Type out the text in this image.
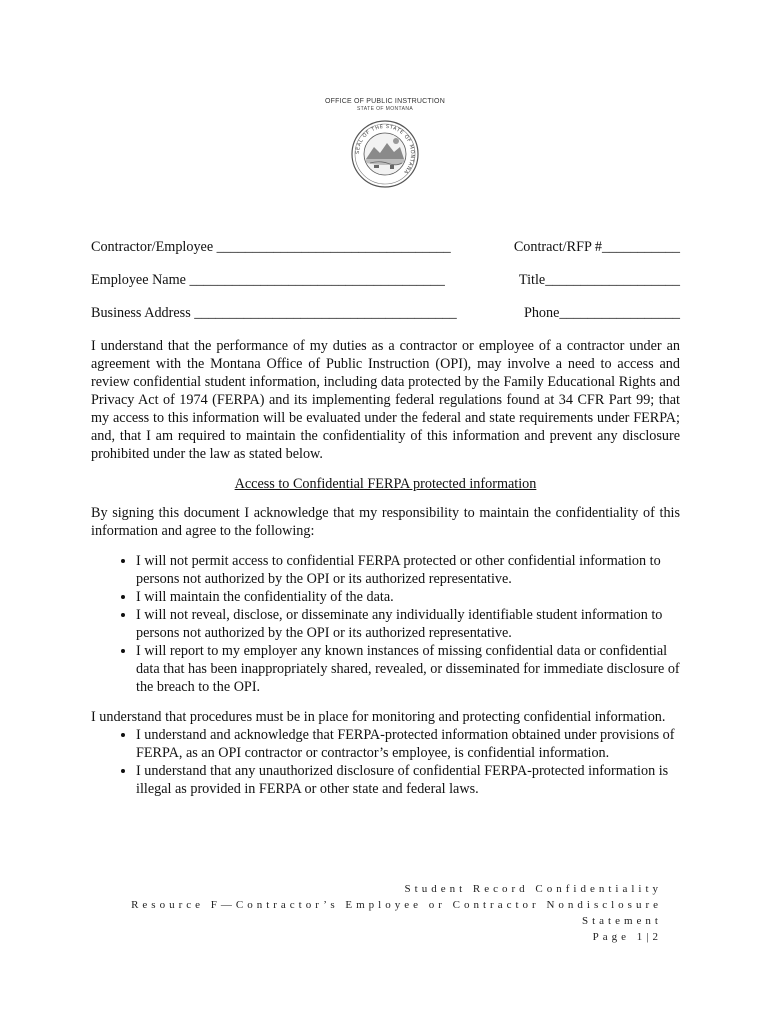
OFFICE OF PUBLIC INSTRUCTION
STATE OF MONTANA
SEAL OF THE STATE OF MONTANA
Contractor/Employee _________________________________	Contract/RFP #___________
Employee Name ____________________________________	Title___________________
Business Address _____________________________________	Phone_________________

I understand that the performance of my duties as a contractor or employee of a contractor under an agreement with the Montana Office of Public Instruction (OPI), may involve a need to access and review confidential student information, including data protected by the Family Educational Rights and Privacy Act of 1974 (FERPA) and its implementing federal regulations found at 34 CFR Part 99; that my access to this information will be evaluated under the federal and state requirements under FERPA; and, that I am required to maintain the confidentiality of this information and prevent any disclosure prohibited under the law as stated below.

Access to Confidential FERPA protected information

By signing this document I acknowledge that my responsibility to maintain the confidentiality of this information and agree to the following:

• I will not permit access to confidential FERPA protected or other confidential information to persons not authorized by the OPI or its authorized representative.
• I will maintain the confidentiality of the data.
• I will not reveal, disclose, or disseminate any individually identifiable student information to persons not authorized by the OPI or its authorized representative.
• I will report to my employer any known instances of missing confidential data or confidential data that has been inappropriately shared, revealed, or disseminated for immediate disclosure of the breach to the OPI.

I understand that procedures must be in place for monitoring and protecting confidential information.

• I understand and acknowledge that FERPA-protected information obtained under provisions of FERPA, as an OPI contractor or contractor’s employee, is confidential information.
• I understand that any unauthorized disclosure of confidential FERPA-protected information is illegal as provided in FERPA or other state and federal laws.
Student Record Confidentiality
Resource F—Contractor’s Employee or Contractor Nondisclosure
Statement
Page 1|2
